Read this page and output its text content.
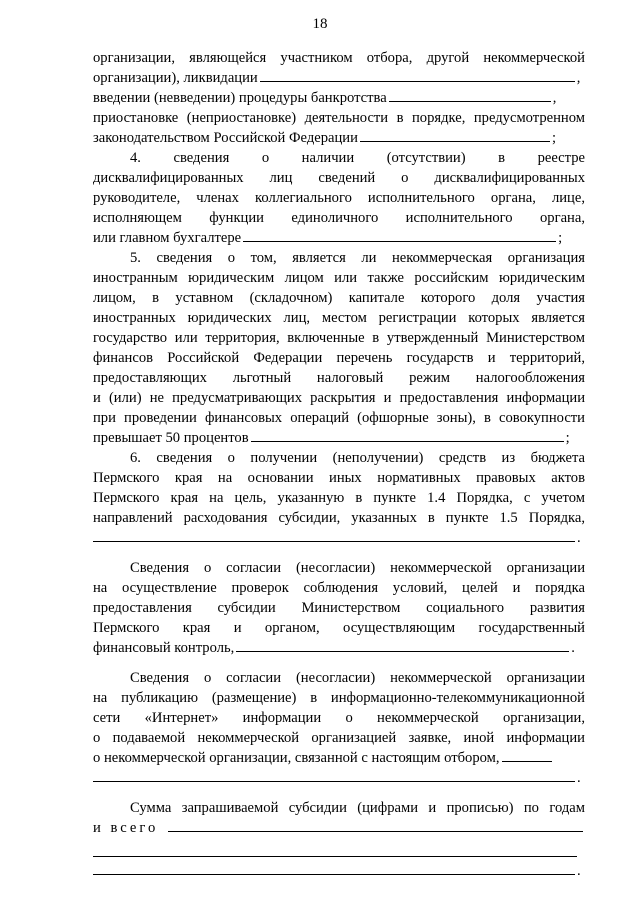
18
организации, являющейся участником отбора, другой некоммерческой
организации), ликвидации	,
введении (невведении) процедуры банкротства	,
приостановке (неприостановке) деятельности в порядке, предусмотренном
законодательством Российской Федерации	;
4. сведения о наличии (отсутствии) в реестре
дисквалифицированных лиц сведений о дисквалифицированных
руководителе, членах коллегиального исполнительного органа, лице,
исполняющем функции единоличного исполнительного органа,
или главном бухгалтере	;
5. сведения о том, является ли некоммерческая организация
иностранным юридическим лицом или также российским юридическим
лицом, в уставном (складочном) капитале которого доля участия
иностранных юридических лиц, местом регистрации которых является
государство или территория, включенные в утвержденный Министерством
финансов Российской Федерации перечень государств и территорий,
предоставляющих льготный налоговый режим налогообложения
и (или) не предусматривающих раскрытия и предоставления информации
при проведении финансовых операций (офшорные зоны), в совокупности
превышает 50 процентов	;
6. сведения о получении (неполучении) средств из бюджета
Пермского края на основании иных нормативных правовых актов
Пермского края на цель, указанную в пункте 1.4 Порядка, с учетом
направлений расходования субсидии, указанных в пункте 1.5 Порядка,
.
Сведения о согласии (несогласии) некоммерческой организации
на осуществление проверок соблюдения условий, целей и порядка
предоставления субсидии Министерством социального развития
Пермского края и органом, осуществляющим государственный
финансовый контроль,	.
Сведения о согласии (несогласии) некоммерческой организации
на публикацию (размещение) в информационно-телекоммуникационной
сети «Интернет» информации о некоммерческой организации,
о подаваемой некоммерческой организацией заявке, иной информации
о некоммерческой организации, связанной с настоящим отбором,
.
Сумма запрашиваемой субсидии (цифрами и прописью) по годам
и всего
.
